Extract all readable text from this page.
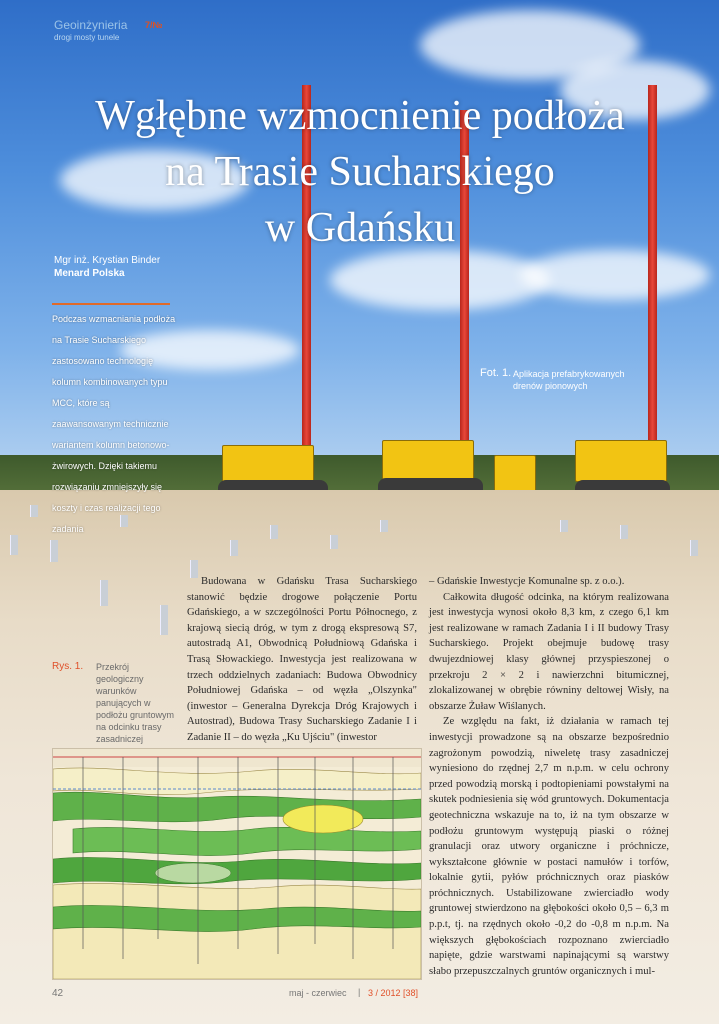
Geoinżynieria
drogi mosty tunele
7/№
Wgłębne wzmocnienie podłoża
na Trasie Sucharskiego
w Gdańsku
Mgr inż. Krystian Binder
Menard Polska
Podczas wzmacniania podłoża na Trasie Sucharskiego zastosowano technologię kolumn kombinowanych typu MCC, które są zaawansowanym technicznie wariantem kolumn betonowo-żwirowych. Dzięki takiemu rozwiązaniu zmniejszyły się koszty i czas realizacji tego zadania
Fot. 1. Aplikacja prefabrykowanych drenów pionowych
Rys. 1. Przekrój geologiczny warunków panujących w podłożu gruntowym na odcinku trasy zasadniczej

Budowana w Gdańsku Trasa Sucharskiego stanowić będzie drogowe połączenie Portu Gdańskiego, a w szczególności Portu Północnego, z krajową siecią dróg, w tym z drogą ekspresową S7, autostradą A1, Obwodnicą Południową Gdańska i Trasą Słowackiego. Inwestycja jest realizowana w trzech oddzielnych zadaniach: Budowa Obwodnicy Południowej Gdańska – od węzła „Olszynka" (inwestor – Generalna Dyrekcja Dróg Krajowych i Autostrad), Budowa Trasy Sucharskiego Zadanie I i Zadanie II – do węzła „Ku Ujściu" (inwestor

– Gdańskie Inwestycje Komunalne sp. z o.o.).

Całkowita długość odcinka, na którym realizowana jest inwestycja wynosi około 8,3 km, z czego 6,1 km jest realizowane w ramach Zadania I i II budowy Trasy Sucharskiego. Projekt obejmuje budowę trasy dwujezdniowej klasy głównej przyspieszonej o przekroju 2 × 2 i nawierzchni bitumicznej, zlokalizowanej w obrębie równiny deltowej Wisły, na obszarze Żuław Wiślanych.

Ze względu na fakt, iż działania w ramach tej inwestycji prowadzone są na obszarze bezpośrednio zagrożonym powodzią, niweletę trasy zasadniczej wyniesiono do rzędnej 2,7 m n.p.m. w celu ochrony przed powodzią morską i podtopieniami powstałymi na skutek podniesienia się wód gruntowych. Dokumentacja geotechniczna wskazuje na to, iż na tym obszarze w podłożu gruntowym występują piaski o różnej granulacji oraz utwory organiczne i próchnicze, wykształcone głównie w postaci namułów i torfów, lokalnie gytii, pyłów próchnicznych oraz piasków próchnicznych. Ustabilizowane zwierciadło wody gruntowej stwierdzono na głębokości około 0,5 – 6,3 m p.p.t, tj. na rzędnych około -0,2 do -0,8 m n.p.m. Na większych głębokościach rozpoznano zwierciadło napięte, gdzie warstwami napinającymi są warstwy słabo przepuszczalnych gruntów organicznych i mul-

42	maj - czerwiec | 3 / 2012 [38]
